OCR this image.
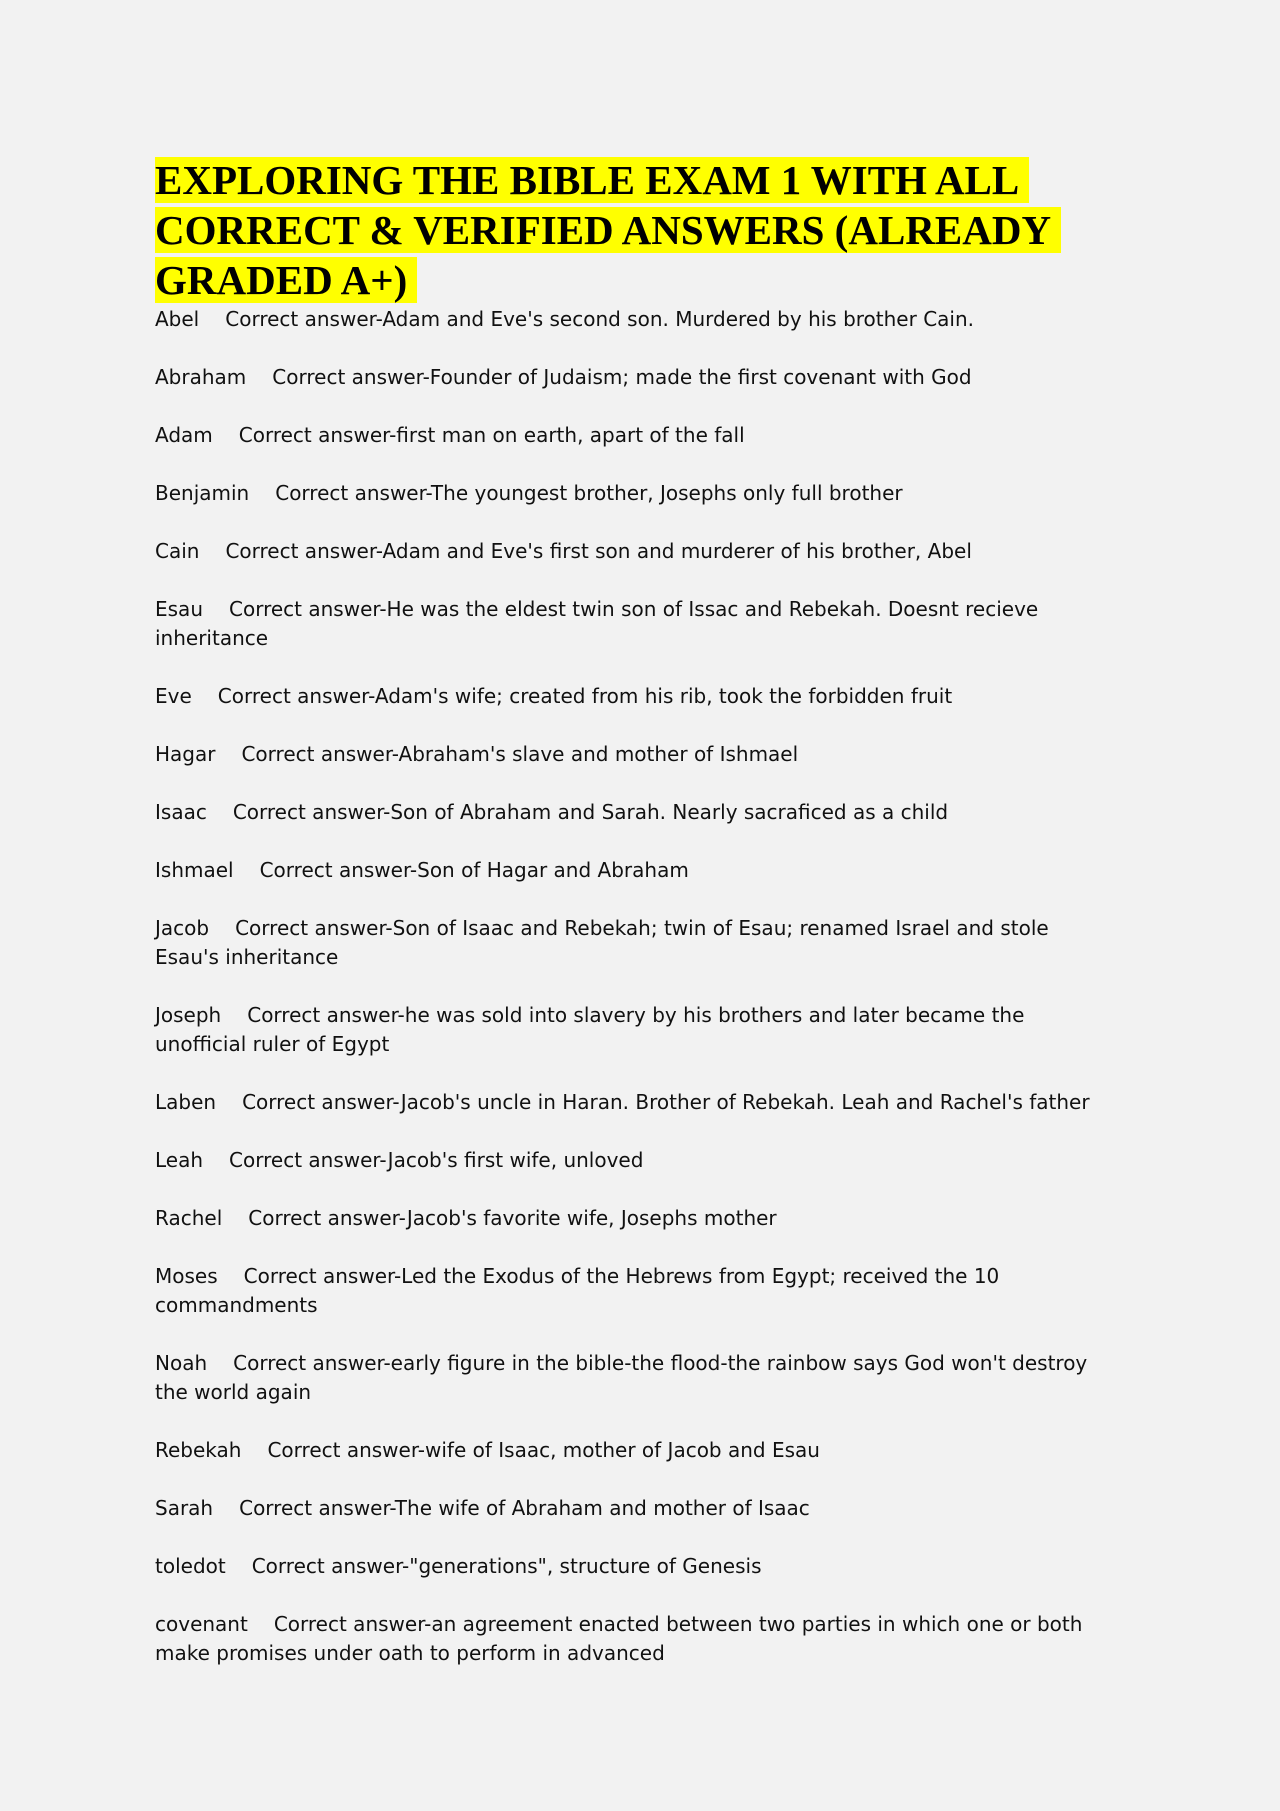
EXPLORING THE BIBLE EXAM 1 WITH ALL CORRECT & VERIFIED ANSWERS (ALREADY GRADED A+)

Abel Correct answer-Adam and Eve's second son. Murdered by his brother Cain.

Abraham Correct answer-Founder of Judaism; made the first covenant with God

Adam Correct answer-first man on earth, apart of the fall

Benjamin Correct answer-The youngest brother, Josephs only full brother

Cain Correct answer-Adam and Eve's first son and murderer of his brother, Abel

Esau Correct answer-He was the eldest twin son of Issac and Rebekah. Doesnt recieve inheritance

Eve Correct answer-Adam's wife; created from his rib, took the forbidden fruit

Hagar Correct answer-Abraham's slave and mother of Ishmael

Isaac Correct answer-Son of Abraham and Sarah. Nearly sacraficed as a child

Ishmael Correct answer-Son of Hagar and Abraham

Jacob Correct answer-Son of Isaac and Rebekah; twin of Esau; renamed Israel and stole Esau's inheritance

Joseph Correct answer-he was sold into slavery by his brothers and later became the unofficial ruler of Egypt

Laben Correct answer-Jacob's uncle in Haran. Brother of Rebekah. Leah and Rachel's father

Leah Correct answer-Jacob's first wife, unloved

Rachel Correct answer-Jacob's favorite wife, Josephs mother

Moses Correct answer-Led the Exodus of the Hebrews from Egypt; received the 10 commandments

Noah Correct answer-early figure in the bible-the flood-the rainbow says God won't destroy the world again

Rebekah Correct answer-wife of Isaac, mother of Jacob and Esau

Sarah Correct answer-The wife of Abraham and mother of Isaac

toledot Correct answer-"generations", structure of Genesis

covenant Correct answer-an agreement enacted between two parties in which one or both make promises under oath to perform in advanced
